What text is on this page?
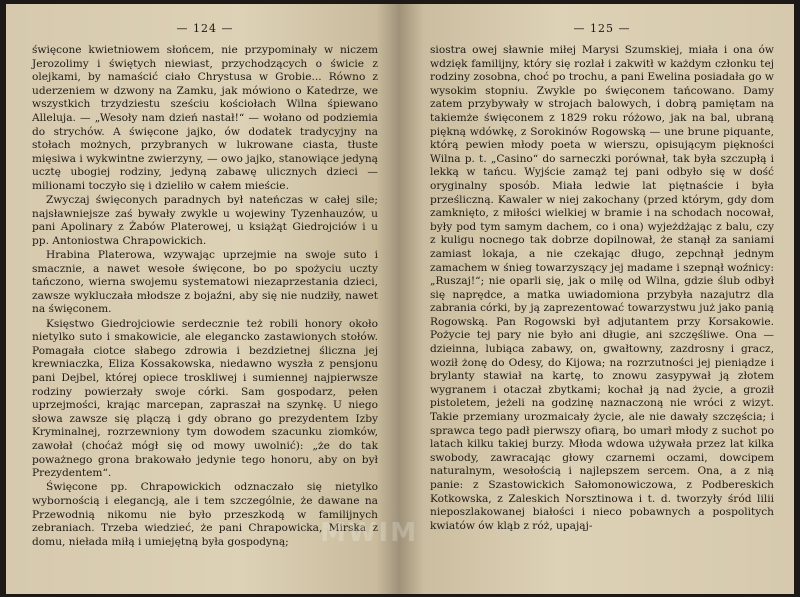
— 124 —

święcone kwietniowem słońcem, nie przypominały w niczem Jerozolimy i świętych niewiast, przychodzących o świcie z olejkami, by namaścić ciało Chrystusa w Grobie... Równo z uderzeniem w dzwony na Zamku, jak mówiono o Katedrze, we wszystkich trzydziestu sześciu kościołach Wilna śpiewano Alleluja. — „Wesoły nam dzień nastał!“ — wołano od podziemia do strychów. A święcone jajko, ów dodatek tradycyjny na stołach możnych, przybranych w lukrowane ciasta, tłuste mięsiwa i wykwintne zwierzyny, — owo jajko, stanowiące jedyną ucztę ubogiej rodziny, jedyną zabawę ulicznych dzieci — milionami toczyło się i dzieliło w całem mieście.

Zwyczaj święconych paradnych był nateńczas w całej sile; najsławniejsze zaś bywały zwykle u wojewiny Tyzenhauzów, u pani Apolinary z Żabów Platerowej, u książąt Giedrojciów i u pp. Antoniostwa Chrapowickich.

Hrabina Platerowa, wzywając uprzejmie na swoje suto i smacznie, a nawet wesołe święcone, bo po spożyciu uczty tańczono, wierna swojemu systematowi niezaprzestania dzieci, zawsze wykluczała młodsze z bojaźni, aby się nie nudziły, nawet na święconem.

Księstwo Giedrojciowie serdecznie też robili honory około nietylko suto i smakowicie, ale elegancko zastawionych stołów. Pomagała ciotce słabego zdrowia i bezdzietnej śliczna jej krewniaczka, Eliza Kossakowska, niedawno wyszła z pensjonu pani Dejbel, której opiece troskliwej i sumiennej najpierwsze rodziny powierzały swoje córki. Sam gospodarz, pełen uprzejmości, krając marcepan, zapraszał na szynkę. U niego słowa zawsze się plączą i gdy obrano go prezydentem Izby Kryminalnej, rozrzewniony tym dowodem szacunku ziomków, zawołał (choćaż mógł się od mowy uwolnić): „że do tak poważnego grona brakowało jedynie tego honoru, aby on był Prezydentem“.

Święcone pp. Chrapowickich odznaczało się nietylko wybornością i elegancją, ale i tem szczególnie, że dawane na Przewodnią nikomu nie było przeszkodą w familijnych zebraniach. Trzeba wiedzieć, że pani Chrapowicka, Mirska z domu, niełada miłą i umiejętną była gospodyną;

— 125 —

siostra owej sławnie miłej Marysi Szumskiej, miała i ona ów wdzięk familijny, który się rozlał i zakwitł w każdym członku tej rodziny zosobna, choć po trochu, a pani Ewelina posiadała go w wysokim stopniu. Zwykle po święconem tańcowano. Damy zatem przybywały w strojach balowych, i dobrą pamiętam na takiemże święconem z 1829 roku różowo, jak na bal, ubraną piękną wdówkę, z Sorokinów Rogowską — une brune piquante, którą pewien młody poeta w wierszu, opisującym piękności Wilna p. t. „Casino“ do sarneczki porównał, tak była szczupłą i lekką w tańcu. Wyjście zamąż tej pani odbyło się w dość oryginalny sposób. Miała ledwie lat piętnaście i była prześliczną. Kawaler w niej zakochany (przed którym, gdy dom zamknięto, z miłości wielkiej w bramie i na schodach nocował, były pod tym samym dachem, co i ona) wyjeżdżając z balu, czy z kuligu nocnego tak dobrze dopilnował, że stanął za saniami zamiast lokaja, a nie czekając długo, zepchnął jednym zamachem w śnieg towarzyszący jej madame i szepnął woźnicy: „Ruszaj!“; nie oparli się, jak o milę od Wilna, gdzie ślub odbył się naprędce, a matka uwiadomiona przybyła nazajutrz dla zabrania córki, by ją zaprezentować towarzystwu już jako panią Rogowską. Pan Rogowski był adjutantem przy Korsakowie. Pożycie tej pary nie było ani długie, ani szczęśliwe. Ona — dzieinna, lubiąca zabawy, on, gwałtowny, zazdrosny i gracz, woził żonę do Odesy, do Kijowa; na rozrzutności jej pieniądze i brylanty stawiał na kartę, to znowu zasypywał ją złotem wygranem i otaczał zbytkami; kochał ją nad życie, a groził pistoletem, jeżeli na godzinę naznaczoną nie wróci z wizyt. Takie przemiany urozmaicały życie, ale nie dawały szczęścia; i sprawca tego padł pierwszy ofiarą, bo umarł młody z suchot po latach kilku takiej burzy. Młoda wdowa używała przez lat kilka swobody, zawracając głowy czarnemi oczami, dowcipem naturalnym, wesołością i najlepszem sercem. Ona, a z nią panie: z Szastowickich Sałomonowiczowa, z Podbereskich Kotkowska, z Zaleskich Norsztinowa i t. d. tworzyły śród lilii nieposzlakowanej białości i nieco pobawnych a pospolitych kwiatów ów kląb z róż, upająj-

MWIM
